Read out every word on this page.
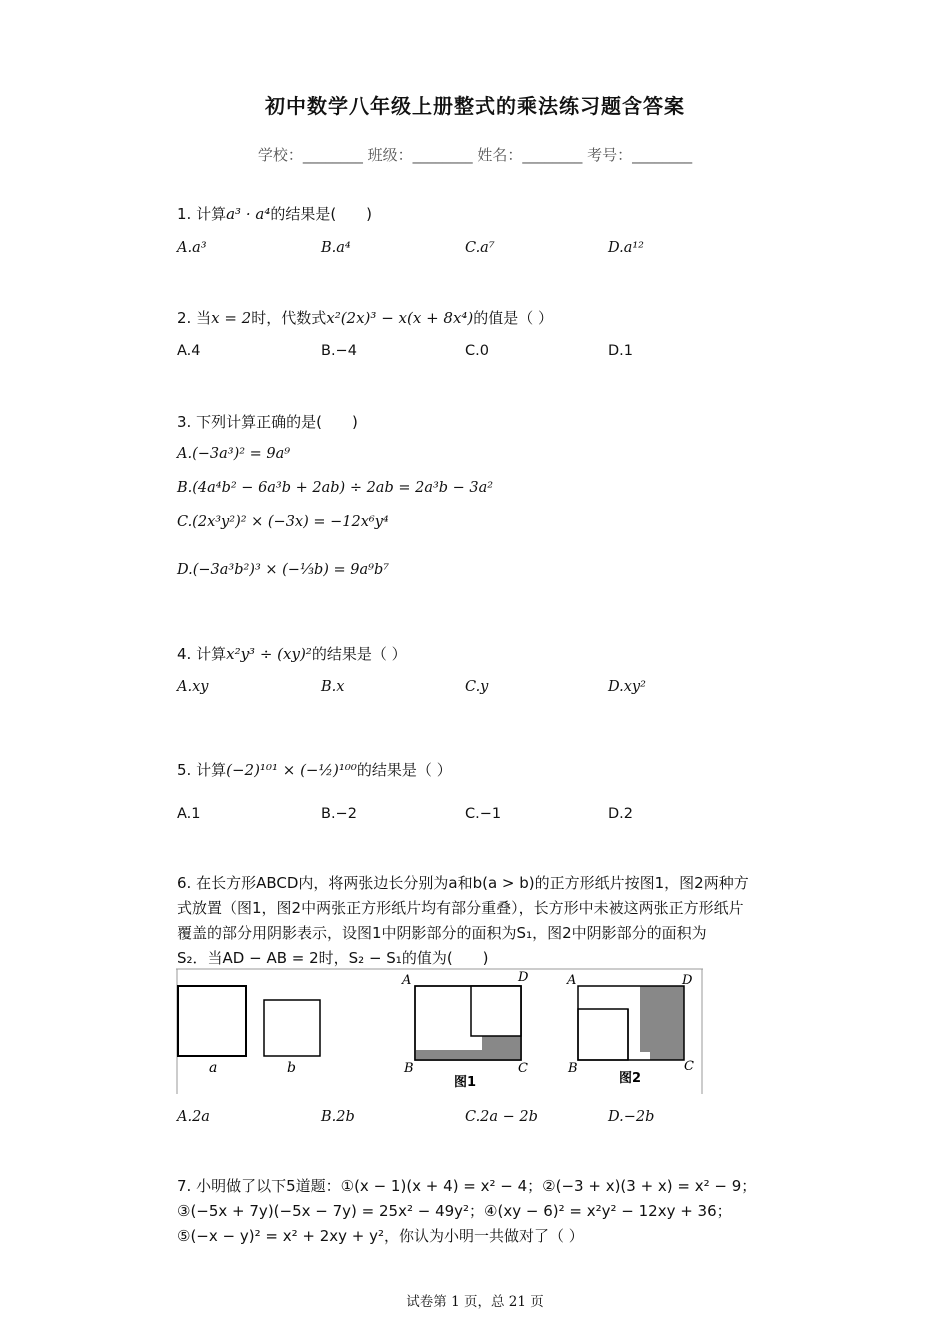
初中数学八年级上册整式的乘法练习题含答案
学校：________ 班级：________ 姓名：________ 考号：________
1. 计算a³ · a⁴的结果是(　　)
A.a³	B.a⁴	C.a⁷	D.a¹²
2. 当x = 2时，代数式x²(2x)³ − x(x + 8x⁴)的值是（ ）
A.4	B.−4	C.0	D.1
3. 下列计算正确的是(　　)
A.(−3a³)² = 9a⁹
B.(4a⁴b² − 6a³b + 2ab) ÷ 2ab = 2a³b − 3a²
C.(2x³y²)² × (−3x) = −12x⁶y⁴
D.(−3a³b²)³ × (−⅓b) = 9a⁹b⁷
4. 计算x²y³ ÷ (xy)²的结果是（ ）
A.xy	B.x	C.y	D.xy²
5. 计算(−2)¹⁰¹ × (−½)¹⁰⁰的结果是（ ）
A.1	B.−2	C.−1	D.2
6. 在长方形ABCD内，将两张边长分别为a和b(a > b)的正方形纸片按图1，图2两种方
式放置（图1，图2中两张正方形纸片均有部分重叠），长方形中未被这两张正方形纸片
覆盖的部分用阴影表示，设图1中阴影部分的面积为S₁，图2中阴影部分的面积为
S₂．当AD − AB = 2时，S₂ − S₁的值为(　　)
a	b
A	D
B	C
图1
A	D
B	C
图2
A.2a	B.2b	C.2a − 2b	D.−2b
7. 小明做了以下5道题：①(x − 1)(x + 4) = x² − 4；②(−3 + x)(3 + x) = x² − 9；
③(−5x + 7y)(−5x − 7y) = 25x² − 49y²；④(xy − 6)² = x²y² − 12xy + 36；
⑤(−x − y)² = x² + 2xy + y²，你认为小明一共做对了（ ）
试卷第 1 页，总 21 页
